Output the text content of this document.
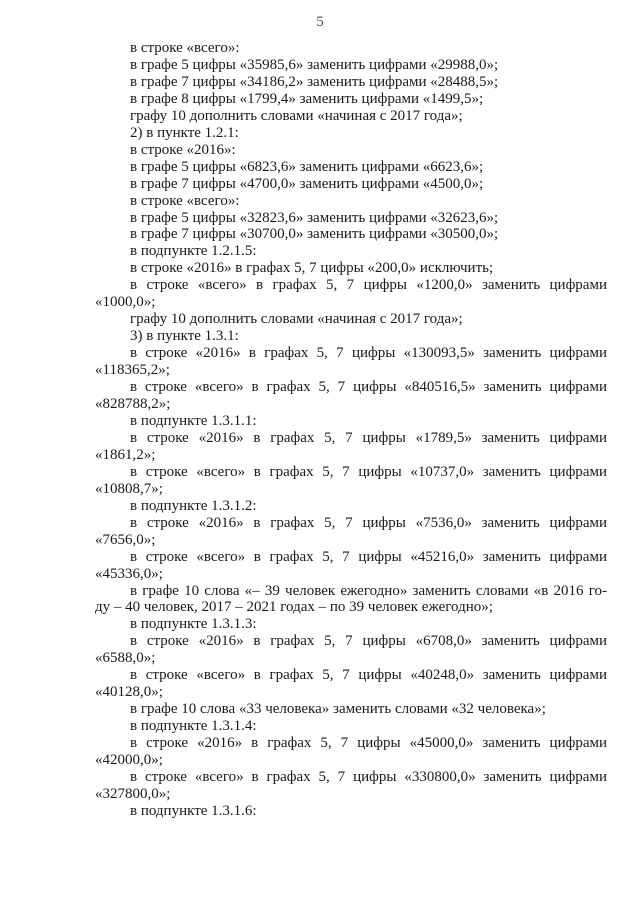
5

в строке «всего»:

в графе 5 цифры «35985,6» заменить цифрами «29988,0»;

в графе 7 цифры «34186,2» заменить цифрами «28488,5»;

в графе 8 цифры «1799,4» заменить цифрами «1499,5»;

графу 10 дополнить словами «начиная с 2017 года»;

2) в пункте 1.2.1:

в строке «2016»:

в графе 5 цифры «6823,6» заменить цифрами «6623,6»;

в графе 7 цифры «4700,0» заменить цифрами «4500,0»;

в строке «всего»:

в графе 5 цифры «32823,6» заменить цифрами «32623,6»;

в графе 7 цифры «30700,0» заменить цифрами «30500,0»;

в подпункте 1.2.1.5:

в строке «2016» в графах 5, 7 цифры «200,0» исключить;

в строке «всего» в графах 5, 7 цифры «1200,0» заменить цифрами «1000,0»;

графу 10 дополнить словами «начиная с 2017 года»;

3) в пункте 1.3.1:

в строке «2016» в графах 5, 7 цифры «130093,5» заменить цифрами «118365,2»;

в строке «всего» в графах 5, 7 цифры «840516,5» заменить цифрами «828788,2»;

в подпункте 1.3.1.1:

в строке «2016» в графах 5, 7 цифры «1789,5» заменить цифрами «1861,2»;

в строке «всего» в графах 5, 7 цифры «10737,0» заменить цифрами «10808,7»;

в подпункте 1.3.1.2:

в строке «2016» в графах 5, 7 цифры «7536,0» заменить цифрами «7656,0»;

в строке «всего» в графах 5, 7 цифры «45216,0» заменить цифрами «45336,0»;

в графе 10 слова «– 39 человек ежегодно» заменить словами «в 2016 го- ду – 40 человек, 2017 – 2021 годах – по 39 человек ежегодно»;

в подпункте 1.3.1.3:

в строке «2016» в графах 5, 7 цифры «6708,0» заменить цифрами «6588,0»;

в строке «всего» в графах 5, 7 цифры «40248,0» заменить цифрами «40128,0»;

в графе 10 слова «33 человека» заменить словами «32 человека»;

в подпункте 1.3.1.4:

в строке «2016» в графах 5, 7 цифры «45000,0» заменить цифрами «42000,0»;

в строке «всего» в графах 5, 7 цифры «330800,0» заменить цифрами «327800,0»;

в подпункте 1.3.1.6:
